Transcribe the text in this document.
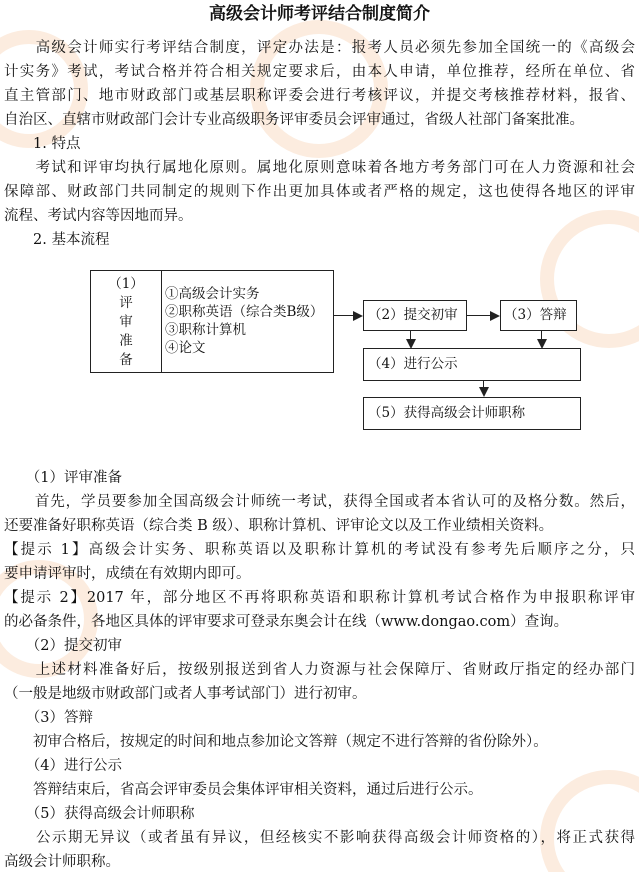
高级会计师考评结合制度简介
　　高级会计师实行考评结合制度，评定办法是：报考人员必须先参加全国统一的《高级会
计实务》考试，考试合格并符合相关规定要求后，由本人申请，单位推荐，经所在单位、省
直主管部门、地市财政部门或基层职称评委会进行考核评议，并提交考核推荐材料，报省、
自治区、直辖市财政部门会计专业高级职务评审委员会评审通过，省级人社部门备案批准。
　　1. 特点
　　考试和评审均执行属地化原则。属地化原则意味着各地方考务部门可在人力资源和社会
保障部、财政部门共同制定的规则下作出更加具体或者严格的规定，这也使得各地区的评审
流程、考试内容等因地而异。
　　2. 基本流程
（1）
评
审
准
备
①高级会计实务
②职称英语（综合类B级）
③职称计算机
④论文
（2）提交初审	（3）答辩
（4）进行公示
（5）获得高级会计师职称
　　（1）评审准备
　　首先，学员要参加全国高级会计师统一考试，获得全国或者本省认可的及格分数。然后，
还要准备好职称英语（综合类 B 级）、职称计算机、评审论文以及工作业绩相关资料。
【提示 1】高级会计实务、职称英语以及职称计算机的考试没有参考先后顺序之分，只
要申请评审时，成绩在有效期内即可。
【提示 2】2017 年，部分地区不再将职称英语和职称计算机考试合格作为申报职称评审
的必备条件，各地区具体的评审要求可登录东奥会计在线（www.dongao.com）查询。
　　（2）提交初审
　　上述材料准备好后，按级别报送到省人力资源与社会保障厅、省财政厅指定的经办部门
（一般是地级市财政部门或者人事考试部门）进行初审。
　　（3）答辩
　　初审合格后，按规定的时间和地点参加论文答辩（规定不进行答辩的省份除外）。
　　（4）进行公示
　　答辩结束后，省高会评审委员会集体评审相关资料，通过后进行公示。
　　（5）获得高级会计师职称
　　公示期无异议（或者虽有异议，但经核实不影响获得高级会计师资格的），将正式获得
高级会计师职称。
